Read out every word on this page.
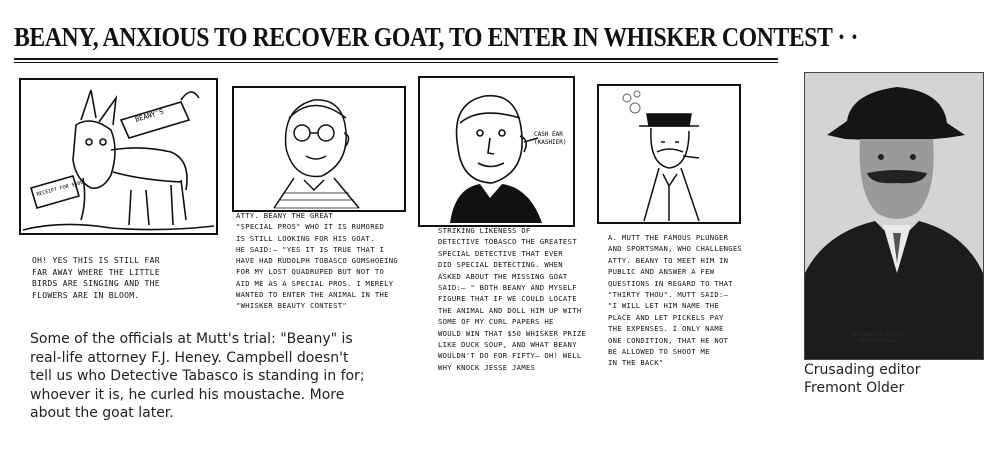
BEANY, ANXIOUS TO RECOVER GOAT, TO ENTER IN WHISKER CONTEST · ·
BEANY'S
RECEIPT FOR $500
CASH EAR
(KASHIER)
OH! YES THIS IS STILL FAR
FAR AWAY WHERE THE LITTLE
BIRDS ARE SINGING AND THE
FLOWERS ARE IN BLOOM.
ATTY. BEANY THE GREAT
"SPECIAL PROS" WHO IT IS RUMORED
IS STILL LOOKING FOR HIS GOAT.
HE SAID:— "YES IT IS TRUE THAT I
HAVE HAD RUDOLPH TOBASCO GUMSHOEING
FOR MY LOST QUADRUPED BUT NOT TO
AID ME AS A SPECIAL PROS. I MERELY
WANTED TO ENTER THE ANIMAL IN THE
"WHISKER BEAUTY CONTEST"
STRIKING LIKENESS OF
DETECTIVE TOBASCO THE GREATEST
SPECIAL DETECTIVE THAT EVER
DID SPECIAL DETECTING. WHEN
ASKED ABOUT THE MISSING GOAT
SAID:— " BOTH BEANY AND MYSELF
FIGURE THAT IF WE COULD LOCATE
THE ANIMAL AND DOLL HIM UP WITH
SOME OF MY CURL PAPERS HE
WOULD WIN THAT $50 WHISKER PRIZE
LIKE DUCK SOUP, AND WHAT BEANY
WOULDN'T DO FOR FIFTY— OH! WELL
WHY KNOCK JESSE JAMES
A. MUTT THE FAMOUS PLUNGER
AND SPORTSMAN, WHO CHALLENGES
ATTY. BEANY TO MEET HIM IN
PUBLIC AND ANSWER A FEW
QUESTIONS IN REGARD TO THAT
"THIRTY THOU". MUTT SAID:—
"I WILL LET HIM NAME THE
PLACE AND LET PICKELS PAY
THE EXPENSES. I ONLY NAME
ONE CONDITION, THAT HE NOT
BE ALLOWED TO SHOOT ME
IN THE BACK"
Some of the officials at Mutt's trial: "Beany" is
real-life attorney F.J. Heney. Campbell doesn't
tell us who Detective Tabasco is standing in for;
whoever it is, he curled his moustache. More
about the goat later.
THE FIGHTING EDITOR
Older in his Prime
Crusading editor
Fremont Older
